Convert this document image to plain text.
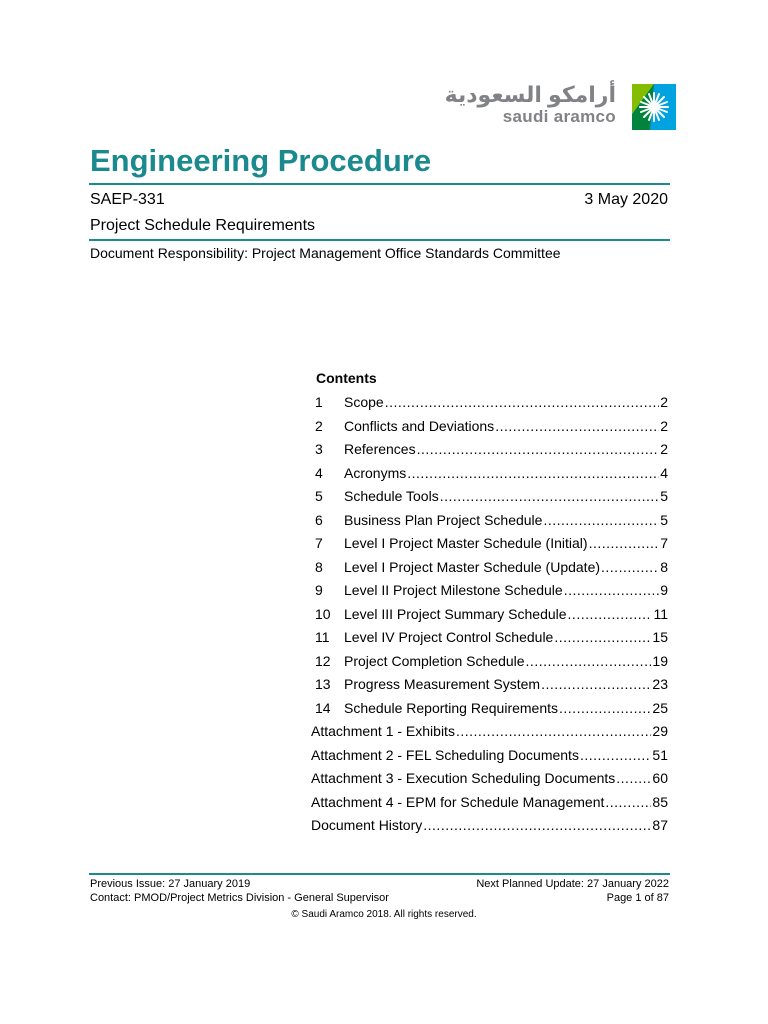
أرامكو السعودية
saudi aramco
Engineering Procedure
SAEP-331	3 May 2020
Project Schedule Requirements
Document Responsibility: Project Management Office Standards Committee
Contents
1	Scope .....	2
2	Conflicts and Deviations .....	2
3	References .....	2
4	Acronyms .....	4
5	Schedule Tools .....	5
6	Business Plan Project Schedule .....	5
7	Level I Project Master Schedule (Initial) .....	7
8	Level I Project Master Schedule (Update) .....	8
9	Level II Project Milestone Schedule .....	9
10 Level III Project Summary Schedule .....	11
11	Level IV Project Control Schedule .....	15
12 Project Completion Schedule .....	19
13 Progress Measurement System .....	23
14 Schedule Reporting Requirements .....	25
Attachment 1 - Exhibits .....	29
Attachment 2 - FEL Scheduling Documents .....	51
Attachment 3 - Execution Scheduling Documents .....	60
Attachment 4 - EPM for Schedule Management .....	85
Document History .....	87
Previous Issue: 27 January 2019
Contact: PMOD/Project Metrics Division - General Supervisor
Next Planned Update: 27 January 2022
Page 1 of 87
© Saudi Aramco 2018. All rights reserved.
